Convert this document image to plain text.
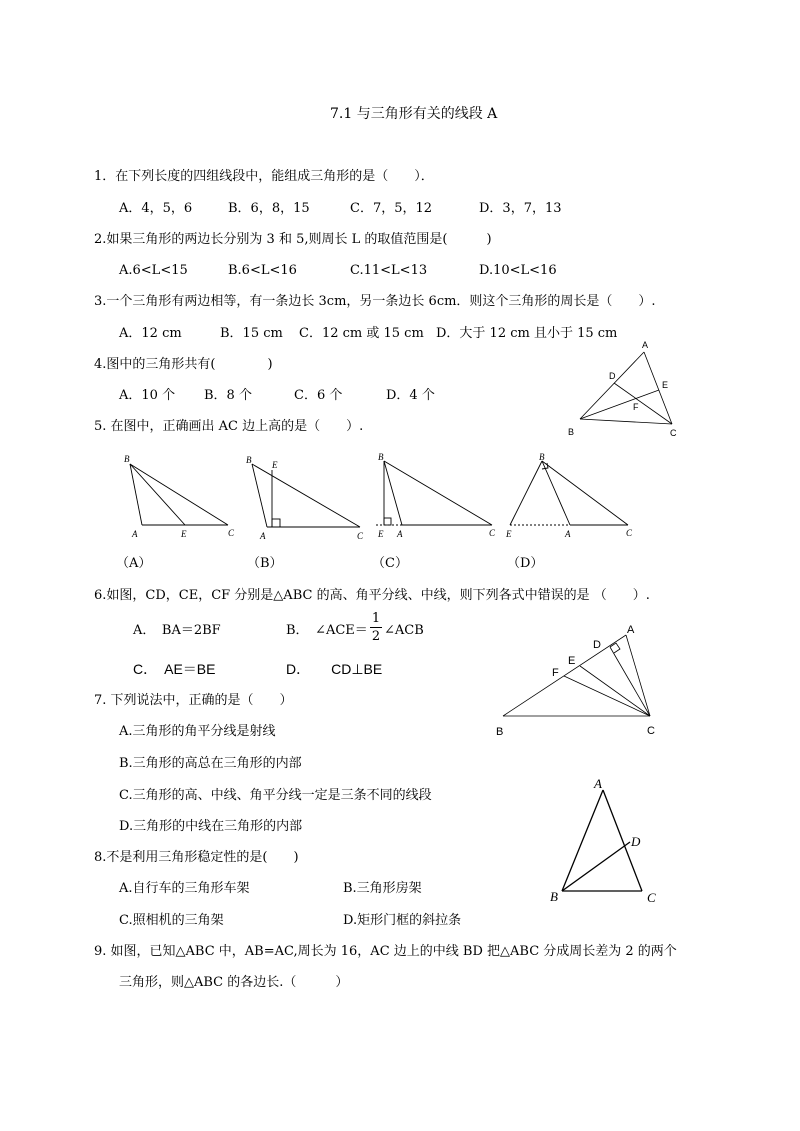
7.1 与三角形有关的线段 A
1．在下列长度的四组线段中，能组成三角形的是（　　）．
A．4，5，6	B．6，8，15	C．7，5，12	D．3，7，13
2.如果三角形的两边长分别为 3 和 5,则周长 L 的取值范围是(　　　)
A.6<L<15	B.6<L<16	C.11<L<13	D.10<L<16
3.一个三角形有两边相等，有一条边长 3cm，另一条边长 6cm．则这个三角形的周长是（　　）.
A．12 cm	B．15 cm C．12 cm 或 15 cm D．大于 12 cm 且小于 15 cm
4.图中的三角形共有(　　　　)
A．10 个 B．8 个	C．6 个	D．4 个
A
B	C
D
E
F
5. 在图中，正确画出 AC 边上高的是（　　）.
B
A	E	C
B E
A	C
B
E A	C
B
E	A	C
（A）	（B）	（C）	（D）
6.如图，CD，CE，CF 分别是△ABC 的高、角平分线、中线，则下列各式中错误的是 （　　）.
A．　BA＝2BF	B．　∠ACE＝
1
2 ∠ACB
C．　AE＝BE	D．　　CD⊥BE
A
B	C
D
E
F
7. 下列说法中，正确的是（　　）
A.三角形的角平分线是射线
B.三角形的高总在三角形的内部
C.三角形的高、中线、角平分线一定是三条不同的线段
D.三角形的中线在三角形的内部
A
B	C
D
8.不是利用三角形稳定性的是(　　)
A.自行车的三角形车架	B.三角形房架
C.照相机的三角架	D.矩形门框的斜拉条
9. 如图，已知△ABC 中，AB=AC,周长为 16，AC 边上的中线 BD 把△ABC 分成周长差为 2 的两个
三角形，则△ABC 的各边长.（　　　）
